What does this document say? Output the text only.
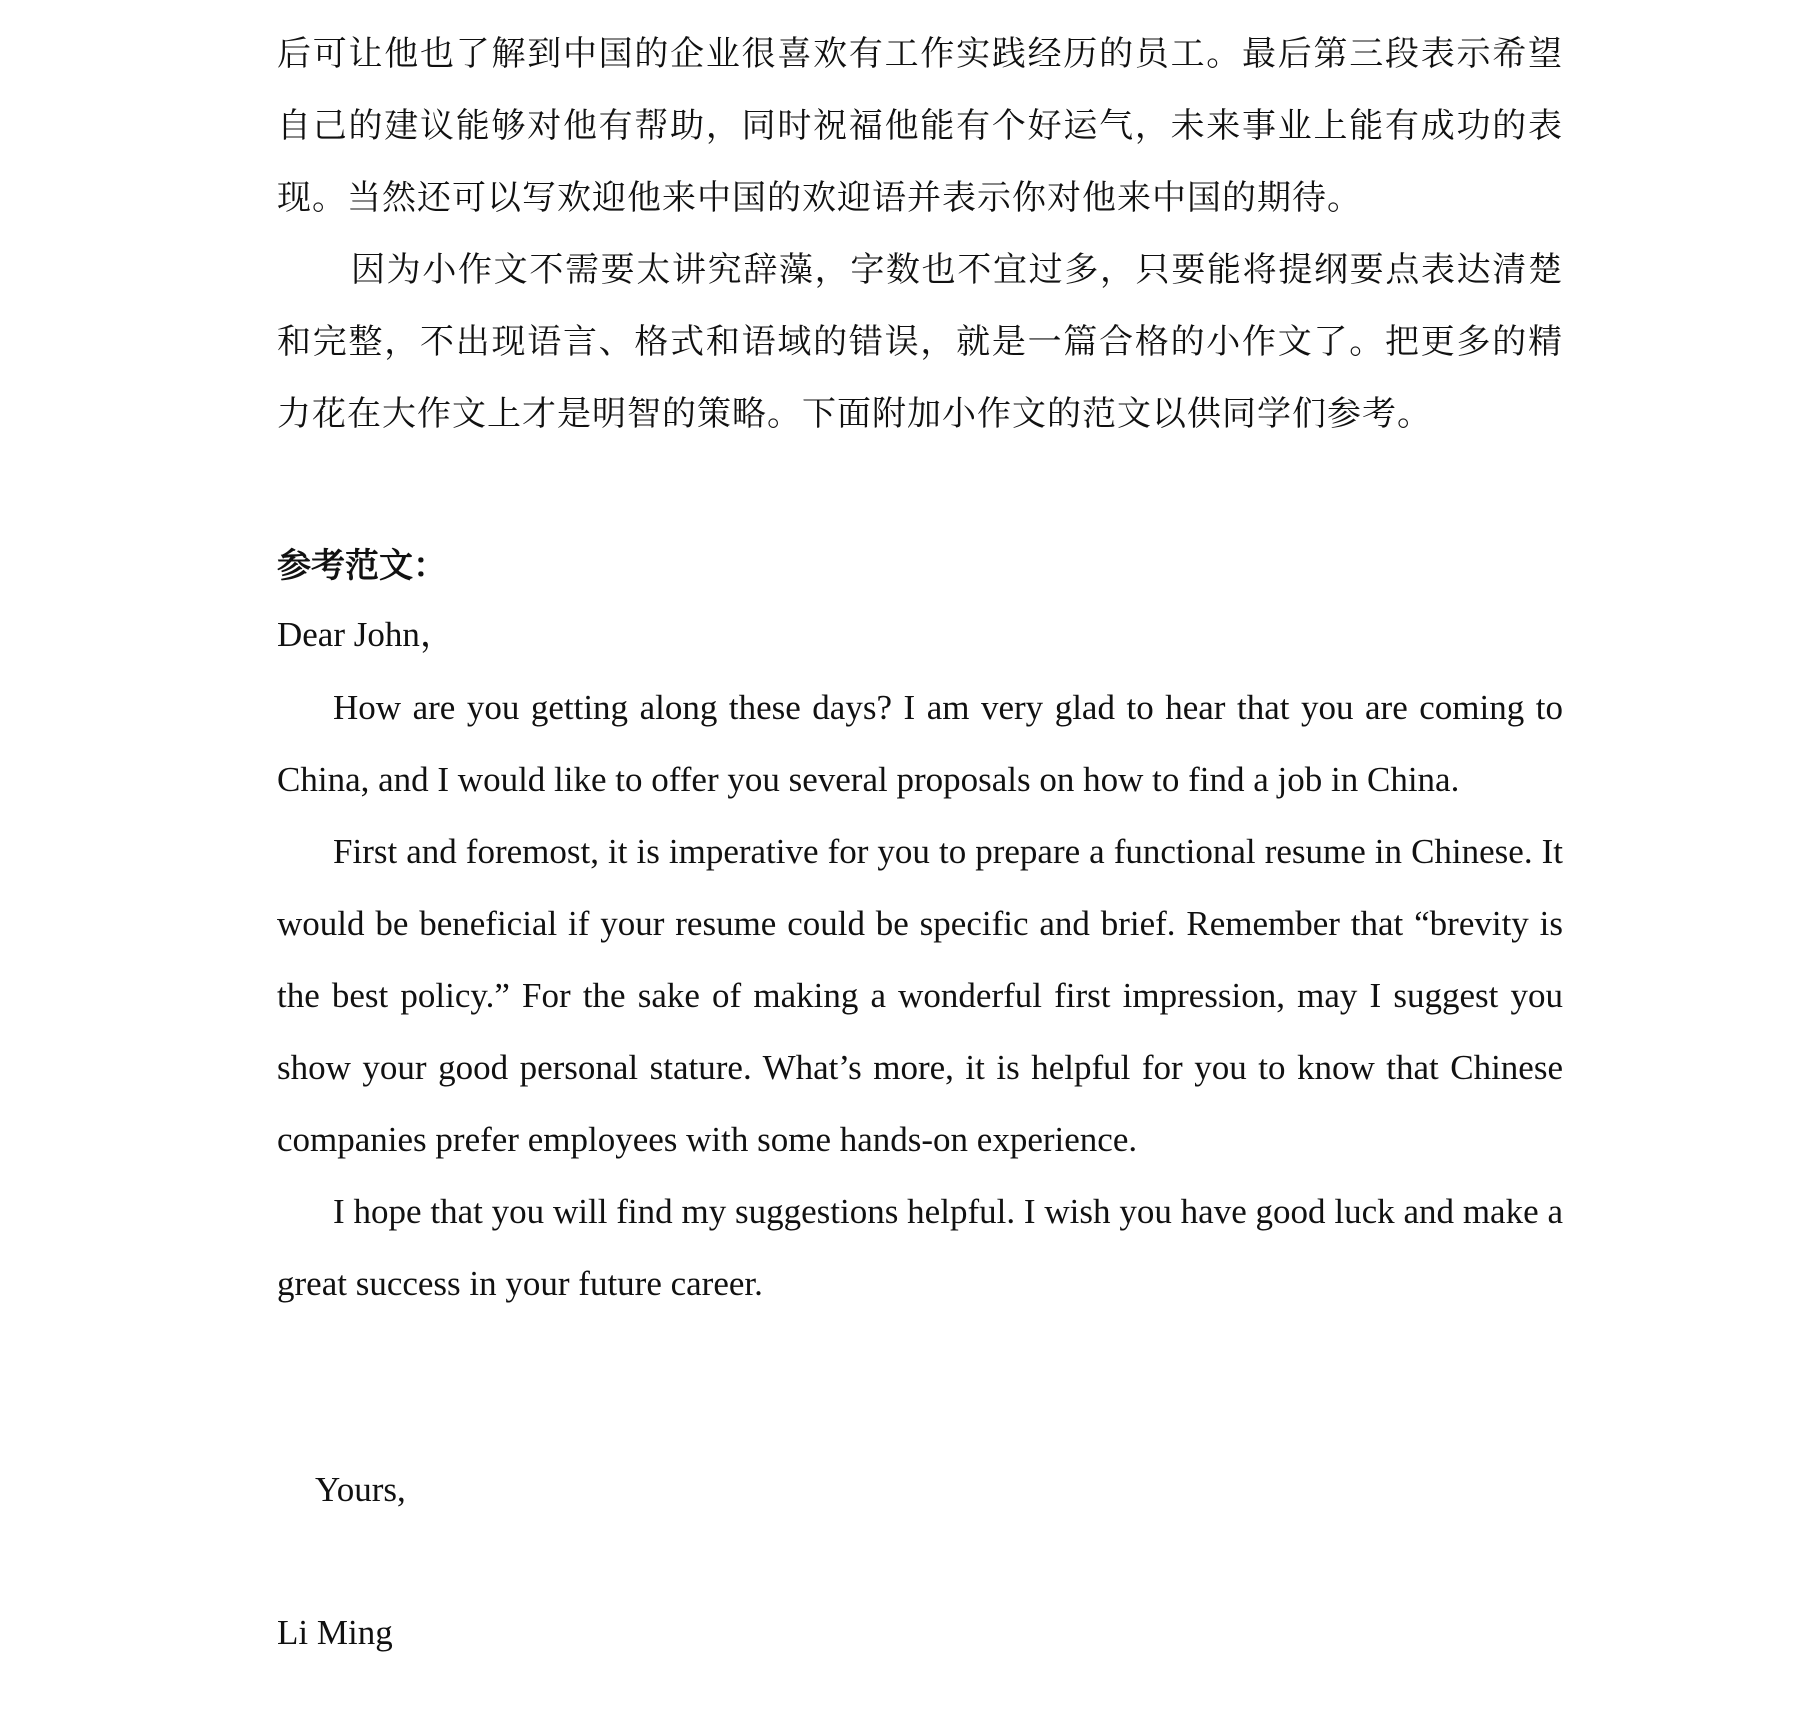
后可让他也了解到中国的企业很喜欢有工作实践经历的员工。最后第三段表示希望自己的建议能够对他有帮助，同时祝福他能有个好运气，未来事业上能有成功的表现。当然还可以写欢迎他来中国的欢迎语并表示你对他来中国的期待。

因为小作文不需要太讲究辞藻，字数也不宜过多，只要能将提纲要点表达清楚和完整，不出现语言、格式和语域的错误，就是一篇合格的小作文了。把更多的精力花在大作文上才是明智的策略。下面附加小作文的范文以供同学们参考。

参考范文：

Dear John，

How are you getting along these days? I am very glad to hear that you are coming to China, and I would like to offer you several proposals on how to find a job in China.

First and foremost, it is imperative for you to prepare a functional resume in Chinese. It would be beneficial if your resume could be specific and brief. Remember that “brevity is the best policy.” For the sake of making a wonderful first impression, may I suggest you show your good personal stature. What’s more, it is helpful for you to know that Chinese companies prefer employees with some hands-on experience.

I hope that you will find my suggestions helpful. I wish you have good luck and make a great success in your future career.

Yours,

Li Ming
